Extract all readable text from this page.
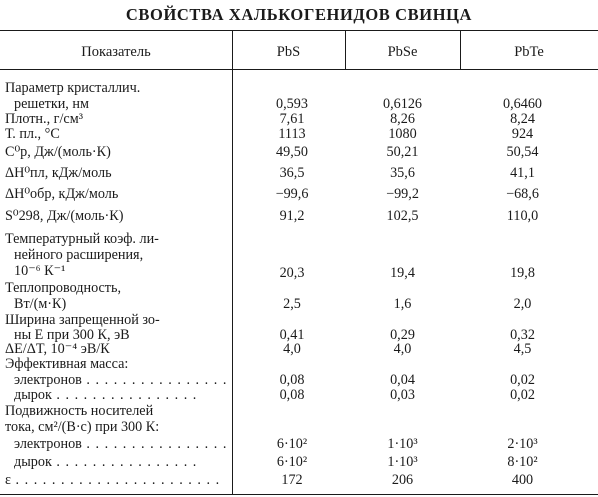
СВОЙСТВА ХАЛЬКОГЕНИДОВ СВИНЦА
Показатель	PbS	PbSe	PbTe
Параметр кристаллич.
решетки, нм	0,593	0,6126	0,6460
Плотн., г/см³	7,61	8,26	8,24
Т. пл., °C	1113	1080	924
C⁰p, Дж/(моль·К)	49,50	50,21	50,54
ΔH⁰пл, кДж/моль	36,5	35,6	41,1
ΔH⁰обр, кДж/моль	−99,6	−99,2	−68,6
S⁰298, Дж/(моль·К)	91,2	102,5	110,0
Температурный коэф. ли-
нейного расширения,
10⁻⁶ К⁻¹	20,3	19,4	19,8
Теплопроводность,
Вт/(м·К)	2,5	1,6	2,0
Ширина запрещенной зо-
ны E при 300 К, эВ	0,41	0,29	0,32
ΔE/ΔT, 10⁻⁴ эВ/К	4,0	4,0	4,5
Эффективная масса:
электронов . . . . . . . . . . . . . . . .	0,08	0,04	0,02
дырок . . . . . . . . . . . . . . . .	0,08	0,03	0,02
Подвижность носителей
тока, см²/(В·с) при 300 К:
электронов . . . . . . . . . . . . . . . .	6·10²	1·10³	2·10³
дырок . . . . . . . . . . . . . . . .	6·10²	1·10³	8·10²
ε . . . . . . . . . . . . . . . . . . . . . . .	172	206	400
